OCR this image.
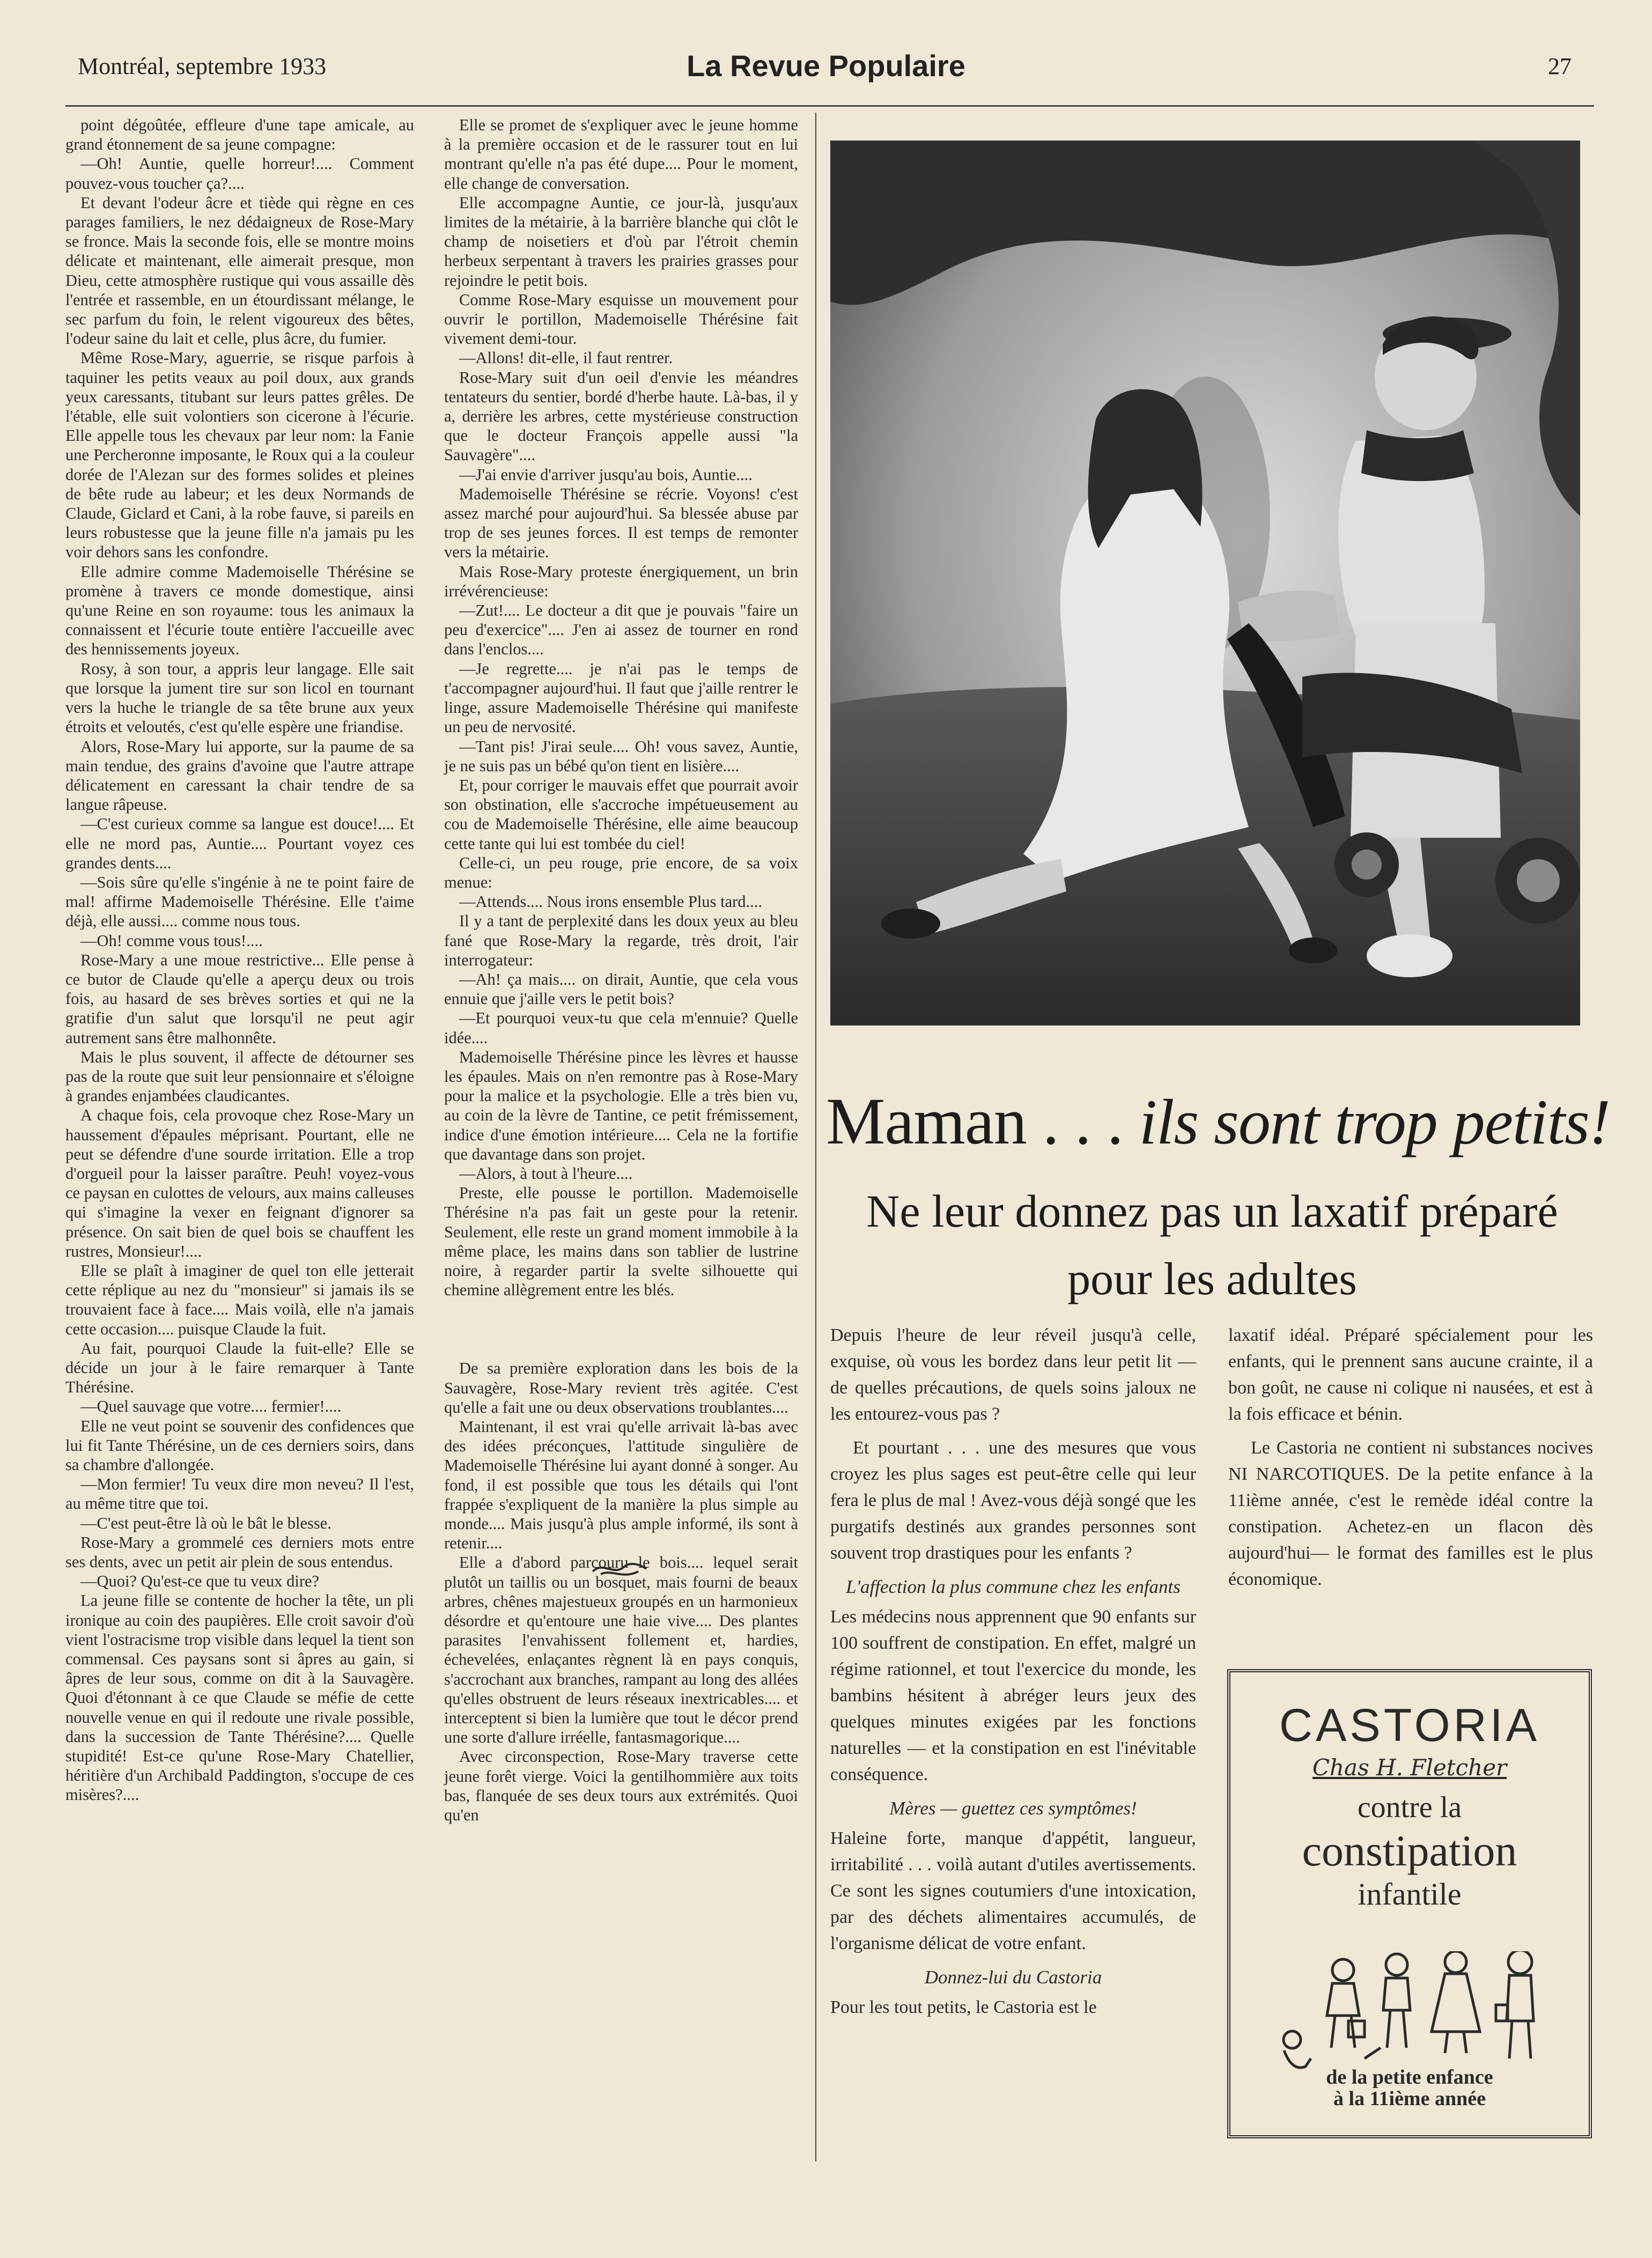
Montréal, septembre 1933	La Revue Populaire	27

point dégoûtée, effleure d'une tape amicale, au grand étonnement de sa jeune compagne:

—Oh! Auntie, quelle horreur!.... Comment pouvez-vous toucher ça?....

Et devant l'odeur âcre et tiède qui règne en ces parages familiers, le nez dédaigneux de Rose-Mary se fronce. Mais la seconde fois, elle se montre moins délicate et maintenant, elle aimerait presque, mon Dieu, cette atmosphère rustique qui vous assaille dès l'entrée et rassemble, en un étourdissant mélange, le sec parfum du foin, le relent vigoureux des bêtes, l'odeur saine du lait et celle, plus âcre, du fumier.

Même Rose-Mary, aguerrie, se risque parfois à taquiner les petits veaux au poil doux, aux grands yeux caressants, titubant sur leurs pattes grêles. De l'étable, elle suit volontiers son cicerone à l'écurie. Elle appelle tous les chevaux par leur nom: la Fanie une Percheronne imposante, le Roux qui a la couleur dorée de l'Alezan sur des formes solides et pleines de bête rude au labeur; et les deux Normands de Claude, Giclard et Cani, à la robe fauve, si pareils en leurs robustesse que la jeune fille n'a jamais pu les voir dehors sans les confondre.

Elle admire comme Mademoiselle Thérésine se promène à travers ce monde domestique, ainsi qu'une Reine en son royaume: tous les animaux la connaissent et l'écurie toute entière l'accueille avec des hennissements joyeux.

Rosy, à son tour, a appris leur langage. Elle sait que lorsque la jument tire sur son licol en tournant vers la huche le triangle de sa tête brune aux yeux étroits et veloutés, c'est qu'elle espère une friandise.

Alors, Rose-Mary lui apporte, sur la paume de sa main tendue, des grains d'avoine que l'autre attrape délicatement en caressant la chair tendre de sa langue râpeuse.

—C'est curieux comme sa langue est douce!.... Et elle ne mord pas, Auntie.... Pourtant voyez ces grandes dents....

—Sois sûre qu'elle s'ingénie à ne te point faire de mal! affirme Mademoiselle Thérésine. Elle t'aime déjà, elle aussi.... comme nous tous.

—Oh! comme vous tous!....

Rose-Mary a une moue restrictive... Elle pense à ce butor de Claude qu'elle a aperçu deux ou trois fois, au hasard de ses brèves sorties et qui ne la gratifie d'un salut que lorsqu'il ne peut agir autrement sans être malhonnête.

Mais le plus souvent, il affecte de détourner ses pas de la route que suit leur pensionnaire et s'éloigne à grandes enjambées claudicantes.

A chaque fois, cela provoque chez Rose-Mary un haussement d'épaules méprisant. Pourtant, elle ne peut se défendre d'une sourde irritation. Elle a trop d'orgueil pour la laisser paraître. Peuh! voyez-vous ce paysan en culottes de velours, aux mains calleuses qui s'imagine la vexer en feignant d'ignorer sa présence. On sait bien de quel bois se chauffent les rustres, Monsieur!....

Elle se plaît à imaginer de quel ton elle jetterait cette réplique au nez du "monsieur" si jamais ils se trouvaient face à face.... Mais voilà, elle n'a jamais cette occasion.... puisque Claude la fuit.

Au fait, pourquoi Claude la fuit-elle? Elle se décide un jour à le faire remarquer à Tante Thérésine.

—Quel sauvage que votre.... fermier!....

Elle ne veut point se souvenir des confidences que lui fit Tante Thérésine, un de ces derniers soirs, dans sa chambre d'allongée.

—Mon fermier! Tu veux dire mon neveu? Il l'est, au même titre que toi.

—C'est peut-être là où le bât le blesse.

Rose-Mary a grommelé ces derniers mots entre ses dents, avec un petit air plein de sous entendus.

—Quoi? Qu'est-ce que tu veux dire?

La jeune fille se contente de hocher la tête, un pli ironique au coin des paupières. Elle croit savoir d'où vient l'ostracisme trop visible dans lequel la tient son commensal. Ces paysans sont si âpres au gain, si âpres de leur sous, comme on dit à la Sauvagère. Quoi d'étonnant à ce que Claude se méfie de cette nouvelle venue en qui il redoute une rivale possible, dans la succession de Tante Thérésine?.... Quelle stupidité! Est-ce qu'une Rose-Mary Chatellier, héritière d'un Archibald Paddington, s'occupe de ces misères?....

Elle se promet de s'expliquer avec le jeune homme à la première occasion et de le rassurer tout en lui montrant qu'elle n'a pas été dupe.... Pour le moment, elle change de conversation.

Elle accompagne Auntie, ce jour-là, jusqu'aux limites de la métairie, à la barrière blanche qui clôt le champ de noisetiers et d'où par l'étroit chemin herbeux serpentant à travers les prairies grasses pour rejoindre le petit bois.

Comme Rose-Mary esquisse un mouvement pour ouvrir le portillon, Mademoiselle Thérésine fait vivement demi-tour.

—Allons! dit-elle, il faut rentrer.

Rose-Mary suit d'un oeil d'envie les méandres tentateurs du sentier, bordé d'herbe haute. Là-bas, il y a, derrière les arbres, cette mystérieuse construction que le docteur François appelle aussi "la Sauvagère"....

—J'ai envie d'arriver jusqu'au bois, Auntie....

Mademoiselle Thérésine se récrie. Voyons! c'est assez marché pour aujourd'hui. Sa blessée abuse par trop de ses jeunes forces. Il est temps de remonter vers la métairie.

Mais Rose-Mary proteste énergiquement, un brin irrévérencieuse:

—Zut!.... Le docteur a dit que je pouvais "faire un peu d'exercice".... J'en ai assez de tourner en rond dans l'enclos....

—Je regrette.... je n'ai pas le temps de t'accompagner aujourd'hui. Il faut que j'aille rentrer le linge, assure Mademoiselle Thérésine qui manifeste un peu de nervosité.

—Tant pis! J'irai seule.... Oh! vous savez, Auntie, je ne suis pas un bébé qu'on tient en lisière....

Et, pour corriger le mauvais effet que pourrait avoir son obstination, elle s'accroche impétueusement au cou de Mademoiselle Thérésine, elle aime beaucoup cette tante qui lui est tombée du ciel!

Celle-ci, un peu rouge, prie encore, de sa voix menue:

—Attends.... Nous irons ensemble Plus tard....

Il y a tant de perplexité dans les doux yeux au bleu fané que Rose-Mary la regarde, très droit, l'air interrogateur:

—Ah! ça mais.... on dirait, Auntie, que cela vous ennuie que j'aille vers le petit bois?

—Et pourquoi veux-tu que cela m'ennuie? Quelle idée....

Mademoiselle Thérésine pince les lèvres et hausse les épaules. Mais on n'en remontre pas à Rose-Mary pour la malice et la psychologie. Elle a très bien vu, au coin de la lèvre de Tantine, ce petit frémissement, indice d'une émotion intérieure.... Cela ne la fortifie que davantage dans son projet.

—Alors, à tout à l'heure....

Preste, elle pousse le portillon. Mademoiselle Thérésine n'a pas fait un geste pour la retenir. Seulement, elle reste un grand moment immobile à la même place, les mains dans son tablier de lustrine noire, à regarder partir la svelte silhouette qui chemine allègrement entre les blés.

De sa première exploration dans les bois de la Sauvagère, Rose-Mary revient très agitée. C'est qu'elle a fait une ou deux observations troublantes....

Maintenant, il est vrai qu'elle arrivait là-bas avec des idées préconçues, l'attitude singulière de Mademoiselle Thérésine lui ayant donné à songer. Au fond, il est possible que tous les détails qui l'ont frappée s'expliquent de la manière la plus simple au monde.... Mais jusqu'à plus ample informé, ils sont à retenir....

Elle a d'abord parcouru le bois.... lequel serait plutôt un taillis ou un bosquet, mais fourni de beaux arbres, chênes majestueux groupés en un harmonieux désordre et qu'entoure une haie vive.... Des plantes parasites l'envahissent follement et, hardies, échevelées, enlaçantes règnent là en pays conquis, s'accrochant aux branches, rampant au long des allées qu'elles obstruent de leurs réseaux inextricables.... et interceptent si bien la lumière que tout le décor prend une sorte d'allure irréelle, fantasmagorique....

Avec circonspection, Rose-Mary traverse cette jeune forêt vierge. Voici la gentilhommière aux toits bas, flanquée de ses deux tours aux extrémités. Quoi qu'en

Maman . . . ils sont trop petits!
Ne leur donnez pas un laxatif préparé pour les adultes

Depuis l'heure de leur réveil jusqu'à celle, exquise, où vous les bordez dans leur petit lit — de quelles précautions, de quels soins jaloux ne les entourez-vous pas ?

Et pourtant . . . une des mesures que vous croyez les plus sages est peut-être celle qui leur fera le plus de mal ! Avez-vous déjà songé que les purgatifs destinés aux grandes personnes sont souvent trop drastiques pour les enfants ?

L'affection la plus commune chez les enfants

Les médecins nous apprennent que 90 enfants sur 100 souffrent de constipation. En effet, malgré un régime rationnel, et tout l'exercice du monde, les bambins hésitent à abréger leurs jeux des quelques minutes exigées par les fonctions naturelles — et la constipation en est l'inévitable conséquence.

Mères — guettez ces symptômes!

Haleine forte, manque d'appétit, langueur, irritabilité . . . voilà autant d'utiles avertissements. Ce sont les signes coutumiers d'une intoxication, par des déchets alimentaires accumulés, de l'organisme délicat de votre enfant.

Donnez-lui du Castoria

Pour les tout petits, le Castoria est le

laxatif idéal. Préparé spécialement pour les enfants, qui le prennent sans aucune crainte, il a bon goût, ne cause ni colique ni nausées, et est à la fois efficace et bénin.

Le Castoria ne contient ni substances nocives NI NARCOTIQUES. De la petite enfance à la 11ième année, c'est le remède idéal contre la constipation. Achetez-en un flacon dès aujourd'hui— le format des familles est le plus économique.

CASTORIA
Chas H. Fletcher
contre la
constipation
infantile
de la petite enfance
à la 11ième année
